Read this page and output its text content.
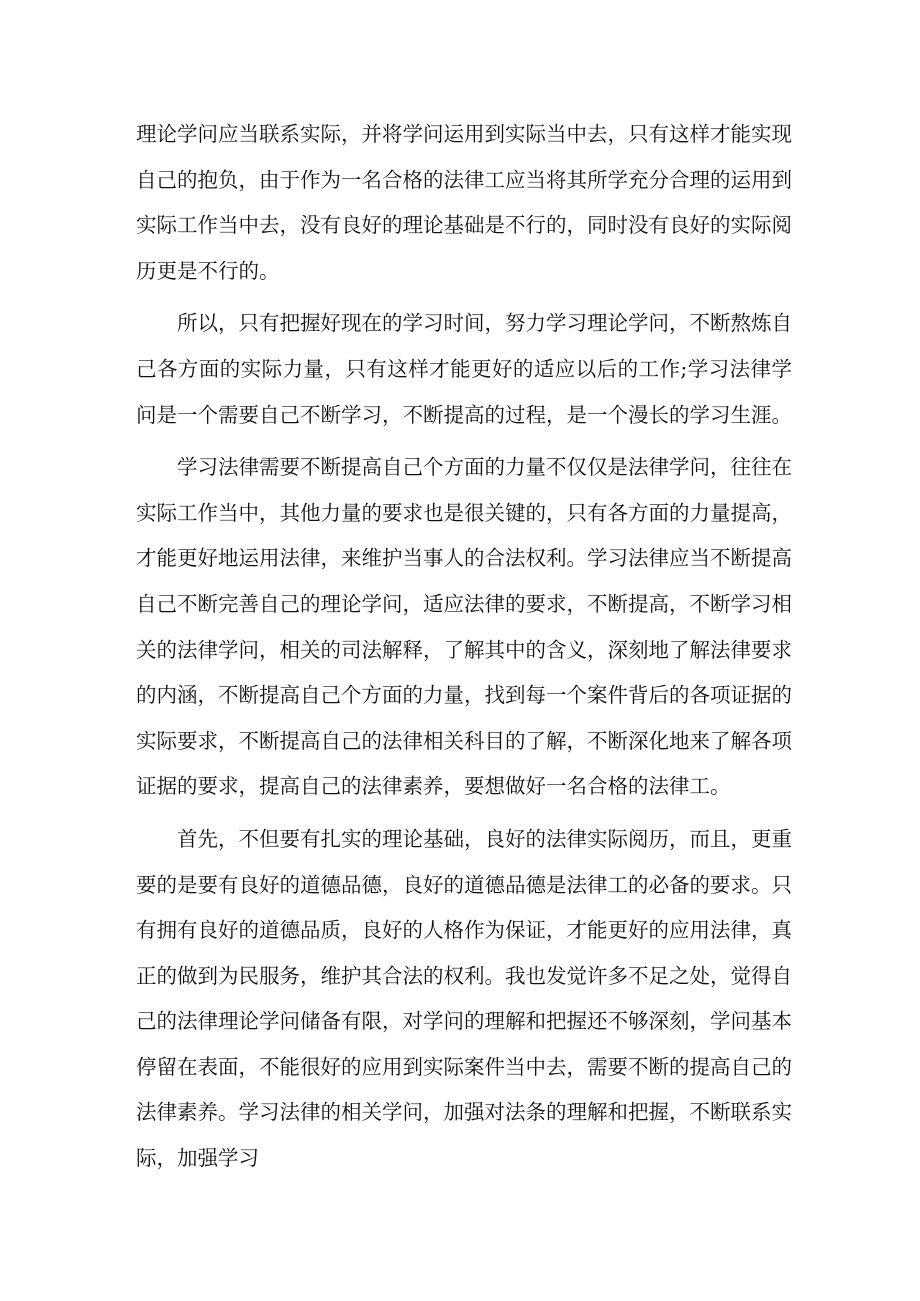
理论学问应当联系实际，并将学问运用到实际当中去，只有这样才能实现自己的抱负，由于作为一名合格的法律工应当将其所学充分合理的运用到实际工作当中去，没有良好的理论基础是不行的，同时没有良好的实际阅历更是不行的。

所以，只有把握好现在的学习时间，努力学习理论学问，不断熬炼自己各方面的实际力量，只有这样才能更好的适应以后的工作;学习法律学问是一个需要自己不断学习，不断提高的过程，是一个漫长的学习生涯。

学习法律需要不断提高自己个方面的力量不仅仅是法律学问，往往在实际工作当中，其他力量的要求也是很关键的，只有各方面的力量提高，才能更好地运用法律，来维护当事人的合法权利。学习法律应当不断提高自己不断完善自己的理论学问，适应法律的要求，不断提高，不断学习相关的法律学问，相关的司法解释，了解其中的含义，深刻地了解法律要求的内涵，不断提高自己个方面的力量，找到每一个案件背后的各项证据的实际要求，不断提高自己的法律相关科目的了解，不断深化地来了解各项证据的要求，提高自己的法律素养，要想做好一名合格的法律工。

首先，不但要有扎实的理论基础，良好的法律实际阅历，而且，更重要的是要有良好的道德品德，良好的道德品德是法律工的必备的要求。只有拥有良好的道德品质，良好的人格作为保证，才能更好的应用法律，真正的做到为民服务，维护其合法的权利。我也发觉许多不足之处，觉得自己的法律理论学问储备有限，对学问的理解和把握还不够深刻，学问基本停留在表面，不能很好的应用到实际案件当中去，需要不断的提高自己的法律素养。学习法律的相关学问，加强对法条的理解和把握，不断联系实际，加强学习
